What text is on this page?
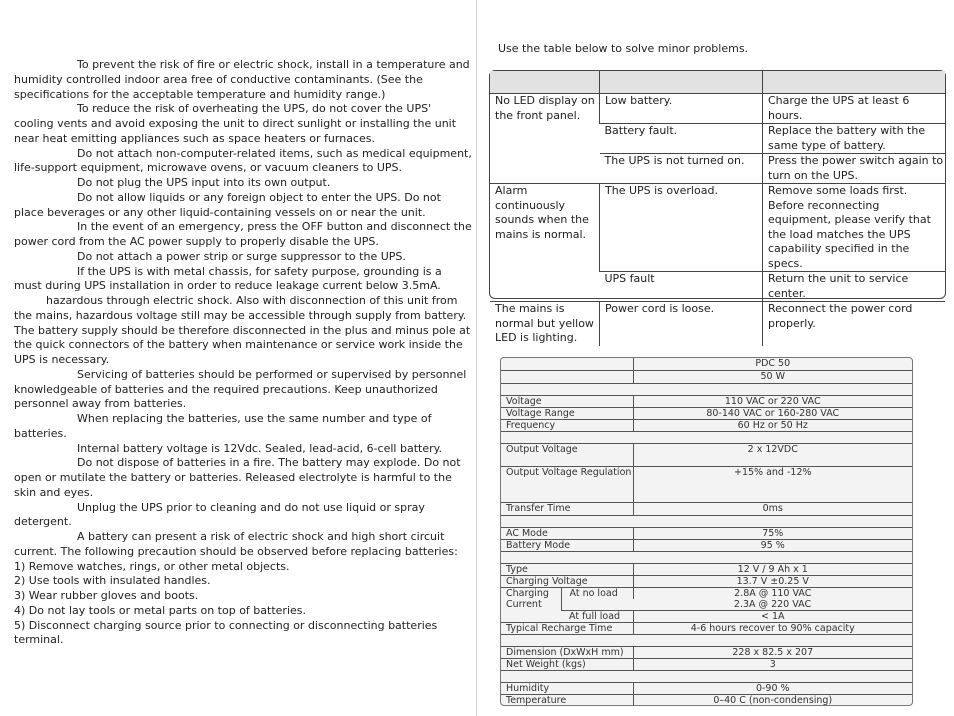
To prevent the risk of fire or electric shock, install in a temperature and humidity controlled indoor area free of conductive contaminants. (See the specifications for the acceptable temperature and humidity range.)

To reduce the risk of overheating the UPS, do not cover the UPS' cooling vents and avoid exposing the unit to direct sunlight or installing the unit near heat emitting appliances such as space heaters or furnaces.

Do not attach non-computer-related items, such as medical equipment, life-support equipment, microwave ovens, or vacuum cleaners to UPS.

Do not plug the UPS input into its own output.

Do not allow liquids or any foreign object to enter the UPS. Do not place beverages or any other liquid-containing vessels on or near the unit.

In the event of an emergency, press the OFF button and disconnect the power cord from the AC power supply to properly disable the UPS.

Do not attach a power strip or surge suppressor to the UPS.

If the UPS is with metal chassis, for safety purpose, grounding is a must during UPS installation in order to reduce leakage current below 3.5mA.

hazardous through electric shock. Also with disconnection of this unit from the mains, hazardous voltage still may be accessible through supply from battery. The battery supply should be therefore disconnected in the plus and minus pole at the quick connectors of the battery when maintenance or service work inside the UPS is necessary.

Servicing of batteries should be performed or supervised by personnel knowledgeable of batteries and the required precautions. Keep unauthorized personnel away from batteries.

When replacing the batteries, use the same number and type of batteries.

Internal battery voltage is 12Vdc. Sealed, lead-acid, 6-cell battery.

Do not dispose of batteries in a fire. The battery may explode. Do not open or mutilate the battery or batteries. Released electrolyte is harmful to the skin and eyes.

Unplug the UPS prior to cleaning and do not use liquid or spray detergent.

A battery can present a risk of electric shock and high short circuit current. The following precaution should be observed before replacing batteries:

1) Remove watches, rings, or other metal objects.
2) Use tools with insulated handles.
3) Wear rubber gloves and boots.
4) Do not lay tools or metal parts on top of batteries.
5) Disconnect charging source prior to connecting or disconnecting batteries terminal.
Use the table below to solve minor problems.

No LED display on the front panel.	Low battery.	Charge the UPS at least 6 hours.
	Battery fault.	Replace the battery with the same type of battery.
	The UPS is not turned on.	Press the power switch again to turn on the UPS.
Alarm continuously sounds when the mains is normal.	The UPS is overload.	Remove some loads first. Before reconnecting equipment, please verify that the load matches the UPS capability specified in the specs.
	UPS fault	Return the unit to service center.
The mains is normal but yellow LED is lighting.	Power cord is loose.	Reconnect the power cord properly.
		PDC 50
		50 W

Voltage		110 VAC or 220 VAC
Voltage Range		80-140 VAC or 160-280 VAC
Frequency		60 Hz or 50 Hz

Output Voltage		2 x 12VDC
Output Voltage Regulation		+15% and -12%
Transfer Time		0ms

AC Mode		75%
Battery Mode		95 %

Type		12 V / 9 Ah x 1
Charging Voltage		13.7 V ±0.25 V

Charging
Current	At no load	2.8A @ 110 VAC
		2.3A @ 220 VAC
	At full load	< 1A
Typical Recharge Time		4-6 hours recover to 90% capacity

Dimension (DxWxH mm)		228 x 82.5 x 207
Net Weight (kgs)		3

Humidity		0-90 %
Temperature		0–40 C (non-condensing)
